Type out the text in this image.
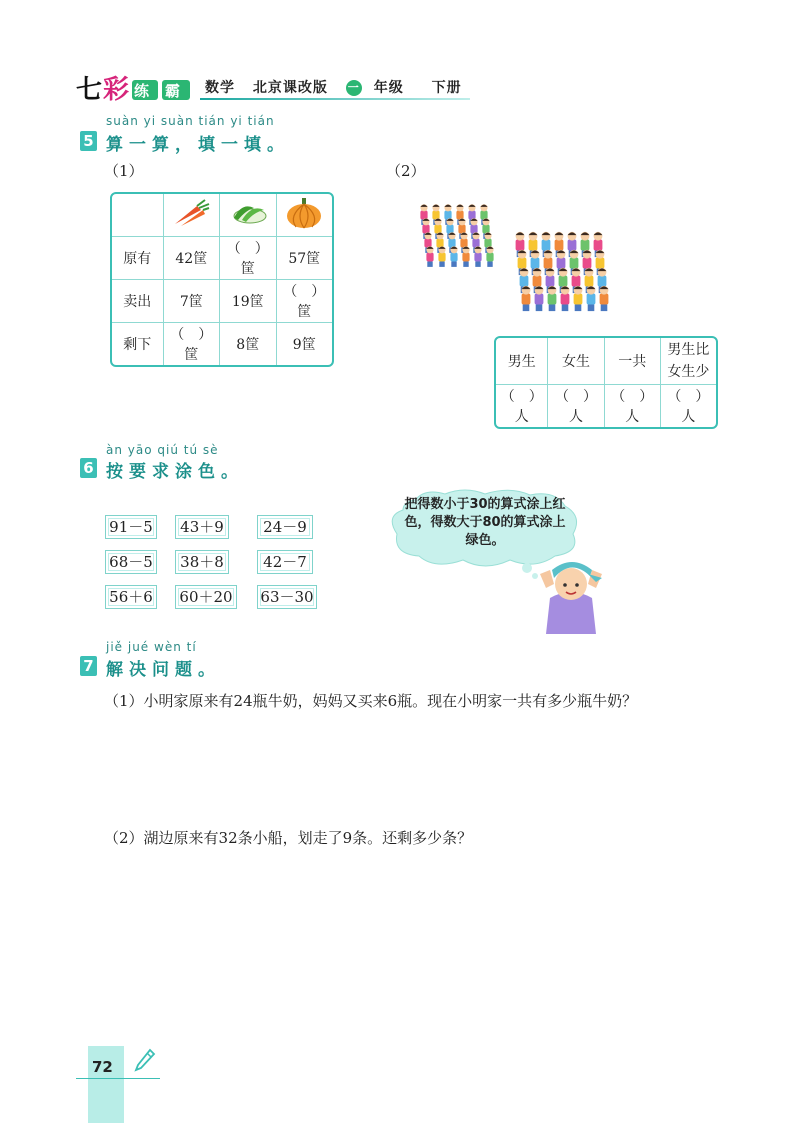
七 彩 练 霸 数学 北京课改版 一 年级 下册
suàn yi suàn tián yi tián
5 算一算，填一填。
（1）	（2）

原有	42筐	（　）筐	57筐
卖出	7筐	19筐	（　）筐
剩下	（　）筐	8筐	9筐
男生	女生	一共	男生比女生少
（　）人	（　）人	（　）人	（　）人
àn yāo qiú tú sè
6 按要求涂色。
91－5	43＋9	24－9
68－5	38＋8	42－7
56＋6 60＋20 63－30
把得数小于30的算式涂上红色，得数大于80的算式涂上绿色。
jiě jué wèn tí
7 解决问题。
（1）小明家原来有24瓶牛奶，妈妈又买来6瓶。现在小明家一共有多少瓶牛奶？
（2）湖边原来有32条小船，划走了9条。还剩多少条？
72
